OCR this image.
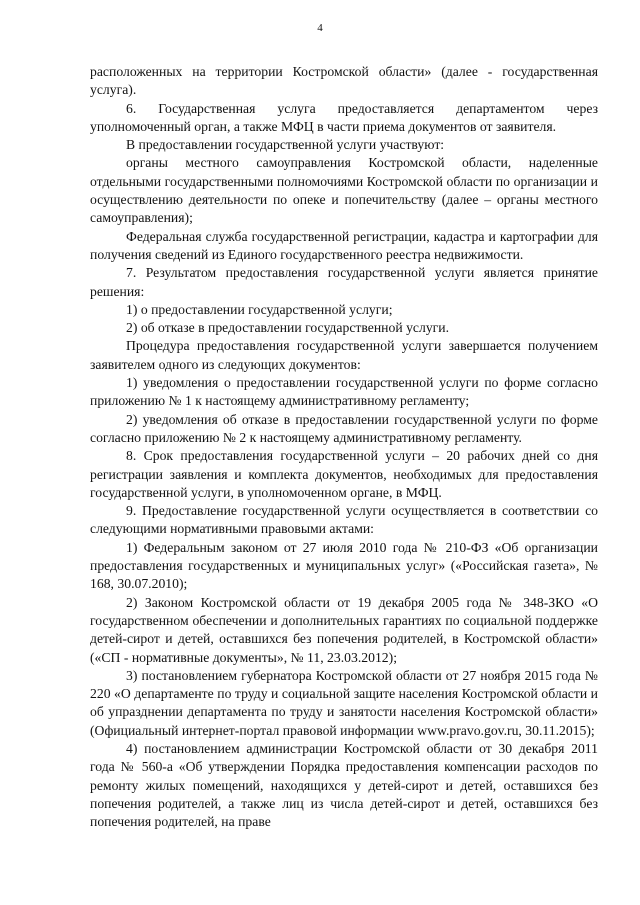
4

расположенных на территории Костромской области» (далее - государственная услуга).

6. Государственная услуга предоставляется департаментом через уполномоченный орган, а также МФЦ в части приема документов от заявителя.

В предоставлении государственной услуги участвуют:

органы местного самоуправления Костромской области, наделенные отдельными государственными полномочиями Костромской области по организации и осуществлению деятельности по опеке и попечительству (далее – органы местного самоуправления);

Федеральная служба государственной регистрации, кадастра и картографии для получения сведений из Единого государственного реестра недвижимости.

7. Результатом предоставления государственной услуги является принятие решения:

1) о предоставлении государственной услуги;

2) об отказе в предоставлении государственной услуги.

Процедура предоставления государственной услуги завершается получением заявителем одного из следующих документов:

1) уведомления о предоставлении государственной услуги по форме согласно приложению № 1 к настоящему административному регламенту;

2) уведомления об отказе в предоставлении государственной услуги по форме согласно приложению № 2 к настоящему административному регламенту.

8. Срок предоставления государственной услуги – 20 рабочих дней со дня регистрации заявления и комплекта документов, необходимых для предоставления государственной услуги, в уполномоченном органе, в МФЦ.

9. Предоставление государственной услуги осуществляется в соответствии со следующими нормативными правовыми актами:

1) Федеральным законом от 27 июля 2010 года № 210-ФЗ «Об организации предоставления государственных и муниципальных услуг» («Российская газета», № 168, 30.07.2010);

2) Законом Костромской области от 19 декабря 2005 года № 348-ЗКО «О государственном обеспечении и дополнительных гарантиях по социальной поддержке детей-сирот и детей, оставшихся без попечения родителей, в Костромской области» («СП - нормативные документы», № 11, 23.03.2012);

3) постановлением губернатора Костромской области от 27 ноября 2015 года № 220 «О департаменте по труду и социальной защите населения Костромской области и об упразднении департамента по труду и занятости населения Костромской области» (Официальный интернет-портал правовой информации www.pravo.gov.ru, 30.11.2015);

4) постановлением администрации Костромской области от 30 декабря 2011 года № 560-а «Об утверждении Порядка предоставления компенсации расходов по ремонту жилых помещений, находящихся у детей-сирот и детей, оставшихся без попечения родителей, а также лиц из числа детей-сирот и детей, оставшихся без попечения родителей, на праве
